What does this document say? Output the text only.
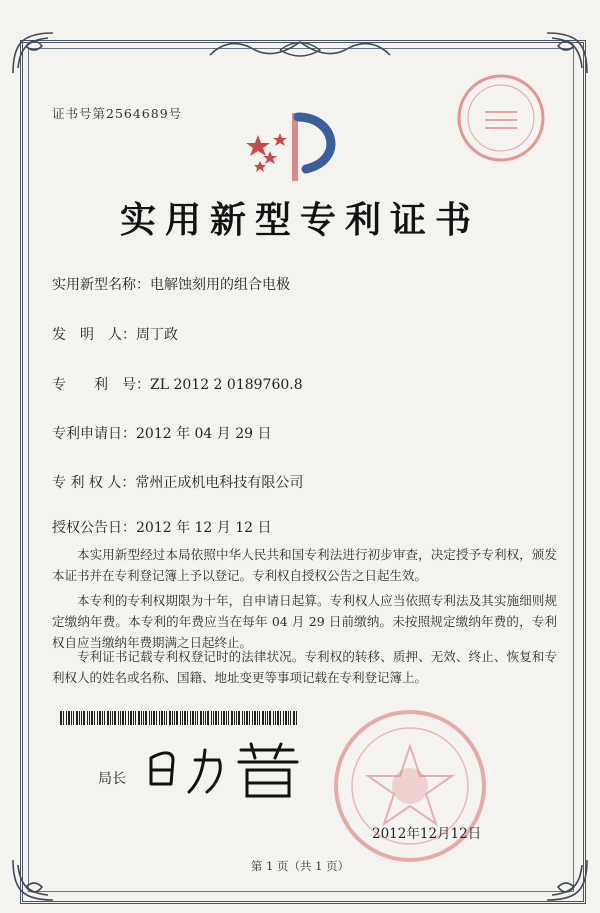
证书号第2564689号
实用新型专利证书
实用新型名称：电解蚀刻用的组合电极
发　明　人：周丁政
专　　利　号：ZL 2012 2 0189760.8
专利申请日：2012 年 04 月 29 日
专 利 权 人：常州正成机电科技有限公司
授权公告日：2012 年 12 月 12 日
本实用新型经过本局依照中华人民共和国专利法进行初步审查，决定授予专利权，颁发本证书并在专利登记簿上予以登记。专利权自授权公告之日起生效。
本专利的专利权期限为十年，自申请日起算。专利权人应当依照专利法及其实施细则规定缴纳年费。本专利的年费应当在每年 04 月 29 日前缴纳。未按照规定缴纳年费的，专利权自应当缴纳年费期满之日起终止。
专利证书记载专利权登记时的法律状况。专利权的转移、质押、无效、终止、恢复和专利权人的姓名或名称、国籍、地址变更等事项记载在专利登记簿上。
局长
2012年12月12日
第 1 页（共 1 页）
